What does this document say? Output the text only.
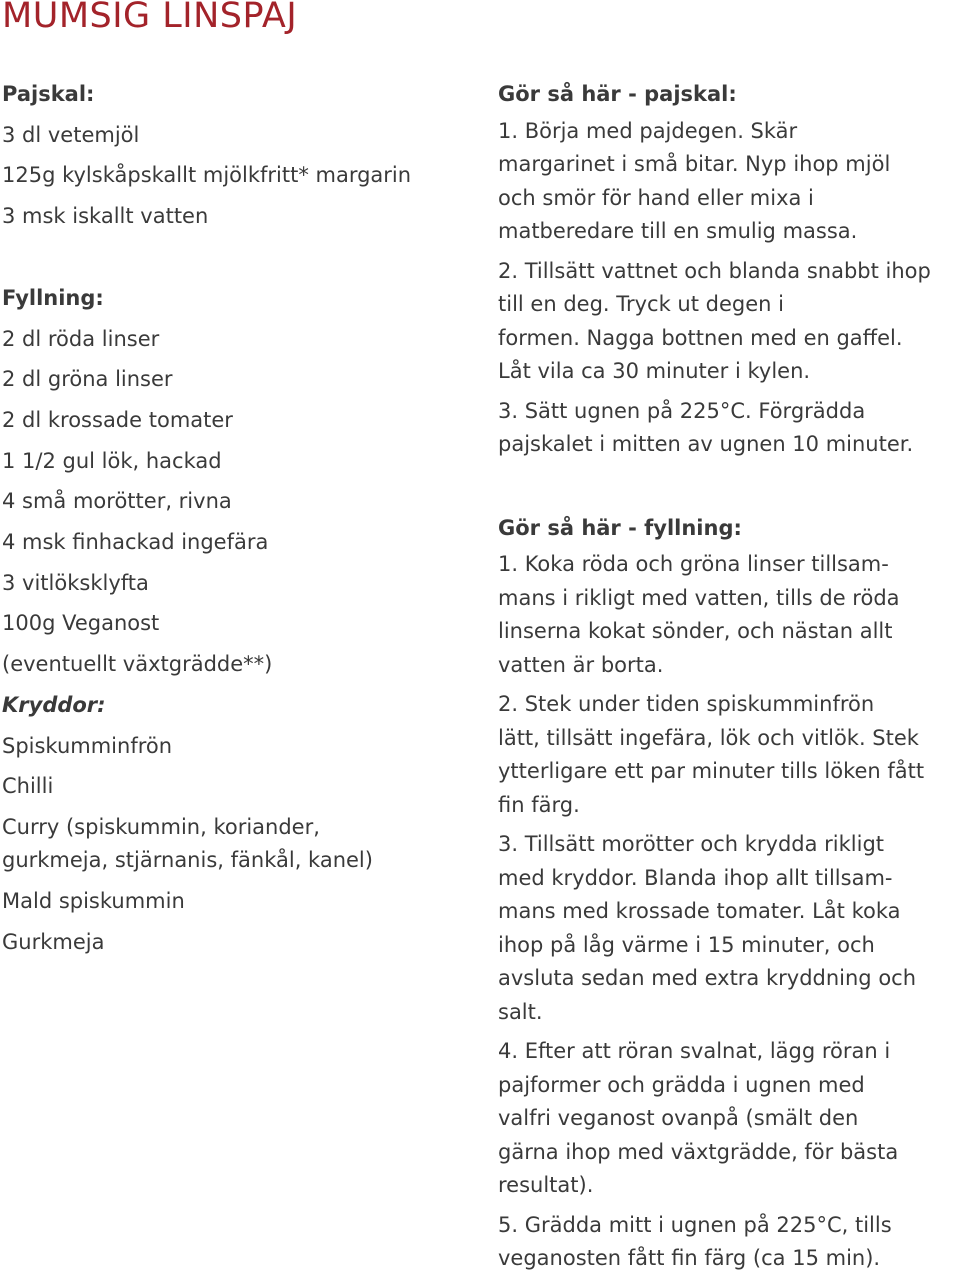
MUMSIG LINSPAJ
Pajskal:
3 dl vetemjöl
125g kylskåpskallt mjölkfritt* margarin
3 msk iskallt vatten
Fyllning:
2 dl röda linser
2 dl gröna linser
2 dl krossade tomater
1 1/2 gul lök, hackad
4 små morötter, rivna
4 msk finhackad ingefära
3 vitlöksklyfta
100g Veganost
(eventuellt växtgrädde**)
Kryddor:
Spiskumminfrön
Chilli
Curry (spiskummin, koriander,
gurkmeja, stjärnanis, fänkål, kanel)
Mald spiskummin
Gurkmeja
Gör så här - pajskal:
1. Börja med pajdegen. Skär
margarinet i små bitar. Nyp ihop mjöl
och smör för hand eller mixa i
matberedare till en smulig massa.
2. Tillsätt vattnet och blanda snabbt ihop
till en deg. Tryck ut degen i
formen. Nagga bottnen med en gaffel.
Låt vila ca 30 minuter i kylen.
3. Sätt ugnen på 225°C. Förgrädda
pajskalet i mitten av ugnen 10 minuter.
Gör så här - fyllning:
1. Koka röda och gröna linser tillsam-
mans i rikligt med vatten, tills de röda
linserna kokat sönder, och nästan allt
vatten är borta.
2. Stek under tiden spiskumminfrön
lätt, tillsätt ingefära, lök och vitlök. Stek
ytterligare ett par minuter tills löken fått
fin färg.
3. Tillsätt morötter och krydda rikligt
med kryddor. Blanda ihop allt tillsam-
mans med krossade tomater. Låt koka
ihop på låg värme i 15 minuter, och
avsluta sedan med extra kryddning och
salt.
4. Efter att röran svalnat, lägg röran i
pajformer och grädda i ugnen med
valfri veganost ovanpå (smält den
gärna ihop med växtgrädde, för bästa
resultat).
5. Grädda mitt i ugnen på 225°C, tills
veganosten fått fin färg (ca 15 min).
